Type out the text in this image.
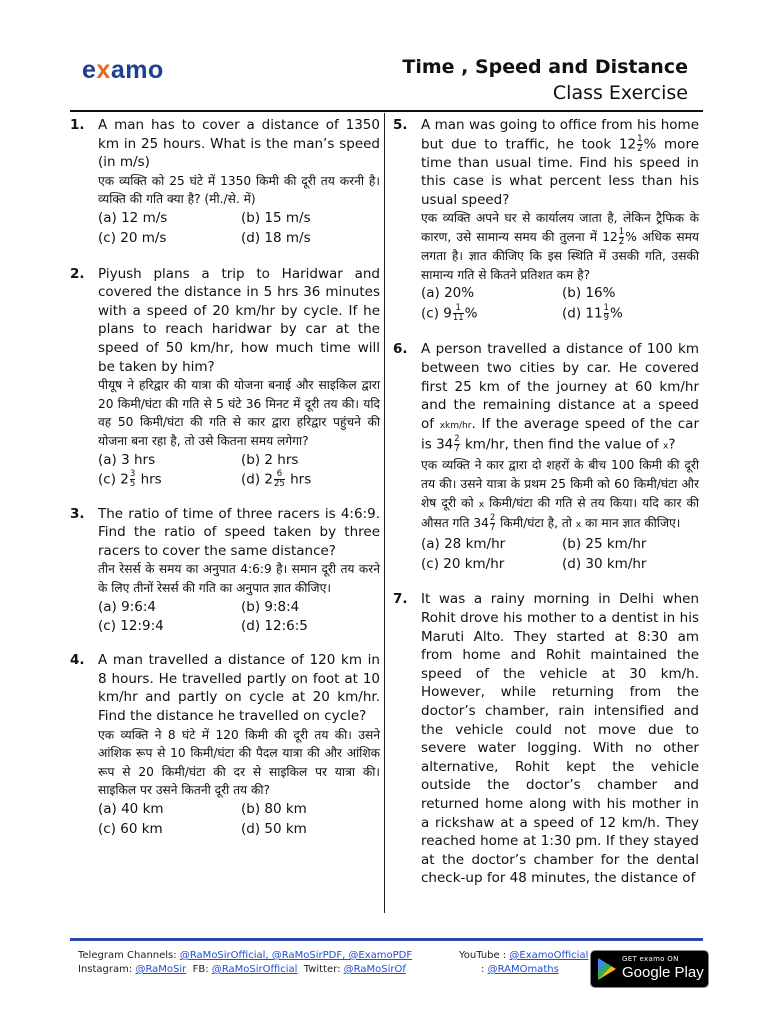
examo	Time , Speed and Distance
Class Exercise
1. A man has to cover a distance of 1350 km in 25 hours. What is the man’s speed (in m/s)

एक व्यक्ति को 25 घंटे में 1350 किमी की दूरी तय करनी है। व्यक्ति की गति क्या है? (मी./से. में)

(a) 12 m/s	(b) 15 m/s
(c) 20 m/s	(d) 18 m/s
2. Piyush plans a trip to Haridwar and covered the distance in 5 hrs 36 minutes with a speed of 20 km/hr by cycle. If he plans to reach haridwar by car at the speed of 50 km/hr, how much time will be taken by him?

पीयूष ने हरिद्वार की यात्रा की योजना बनाई और साइकिल द्वारा 20 किमी/घंटा की गति से 5 घंटे 36 मिनट में दूरी तय की। यदि वह 50 किमी/घंटा की गति से कार द्वारा हरिद्वार पहुंचने की योजना बना रहा है, तो उसे कितना समय लगेगा?

(a) 3 hrs	(b) 2 hrs
(c) $2 \frac{3}{5}$ hrs	(d) $2 \frac{6}{25}$ hrs
3. The ratio of time of three racers is 4:6:9. Find the ratio of speed taken by three racers to cover the same distance?

तीन रेसर्स के समय का अनुपात 4:6:9 है। समान दूरी तय करने के लिए तीनों रेसर्स की गति का अनुपात ज्ञात कीजिए।

(a) 9:6:4	(b) 9:8:4
(c) 12:9:4	(d) 12:6:5
4. A man travelled a distance of 120 km in 8 hours. He travelled partly on foot at 10 km/hr and partly on cycle at 20 km/hr. Find the distance he travelled on cycle?

एक व्यक्ति ने 8 घंटे में 120 किमी की दूरी तय की। उसने आंशिक रूप से 10 किमी/घंटा की पैदल यात्रा की और आंशिक रूप से 20 किमी/घंटा की दर से साइकिल पर यात्रा की। साइकिल पर उसने कितनी दूरी तय की?

(a) 40 km	(b) 80 km
(c) 60 km	(d) 50 km
5. A man was going to office from his home but due to traffic, he took $12 \frac{1}{2}$ % more time than usual time. Find his speed in this case is what percent less than his usual speed?

एक व्यक्ति अपने घर से कार्यालय जाता है, लेकिन ट्रैफिक के कारण, उसे सामान्य समय की तुलना में $12 \frac{1}{2}$ % अधिक समय लगता है। ज्ञात कीजिए कि इस स्थिति में उसकी गति, उसकी सामान्य गति से कितने प्रतिशत कम है?

(a) 20%	(b) 16%
(c) $9 \frac{1}{11}$ %	(d) $11 \frac{1}{9}$ %
6. A person travelled a distance of 100 km between two cities by car. He covered first 25 km of the journey at 60 km/hr and the remaining distance at a speed of xkm/hr. If the average speed of the car is $34 \frac{2}{7} km/hr$, then find the value of x?

एक व्यक्ति ने कार द्वारा दो शहरों के बीच 100 किमी की दूरी तय की। उसने यात्रा के प्रथम 25 किमी को 60 किमी/घंटा और शेष दूरी को x किमी/घंटा की गति से तय किया। यदि कार की औसत गति $34 \frac{2}{7}$ किमी/घंटा है, तो x का मान ज्ञात कीजिए।

(a) 28 km/hr	(b) 25 km/hr
(c) 20 km/hr	(d) 30 km/hr
7. It was a rainy morning in Delhi when Rohit drove his mother to a dentist in his Maruti Alto. They started at 8:30 am from home and Rohit maintained the speed of the vehicle at 30 km/h. However, while returning from the doctor’s chamber, rain intensified and the vehicle could not move due to severe water logging. With no other alternative, Rohit kept the vehicle outside the doctor’s chamber and returned home along with his mother in a rickshaw at a speed of 12 km/h. They reached home at 1:30 pm. If they stayed at the doctor’s chamber for the dental check-up for 48 minutes, the distance of

Telegram Channels: @RaMoSirOfficial, @RaMoSirPDF, @ExamoPDF	YouTube : @ExamoOfficial
Instagram: @RaMoSir FB: @RaMoSirOfficial Twitter: @RaMoSirOf	: @RAMOmaths
GET examo ON
Google Play
